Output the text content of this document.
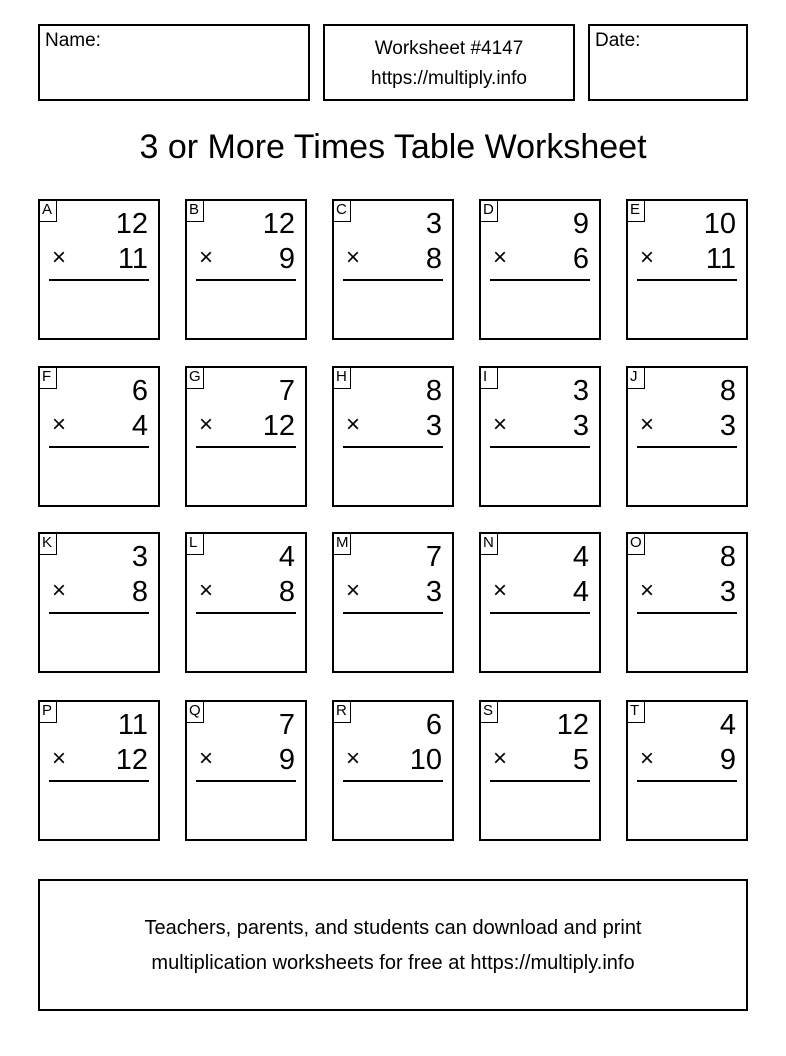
Name:	Worksheet #4147
https://multiply.info
Date:
3 or More Times Table Worksheet
A 12
× 11
B 12
× 9
C	3
× 8
D	9
× 6
E 10
× 11
F	6
× 4
G	7
× 12
H	8
× 3
I	3
× 3
J	8
× 3
K	3
× 8
L	4
× 8
M	7
× 3
N	4
× 4
O	8
× 3
P 11
× 12
Q	7
× 9
R	6
× 10
S 12
× 5
T	4
× 9
Teachers, parents, and students can download and print
multiplication worksheets for free at https://multiply.info
